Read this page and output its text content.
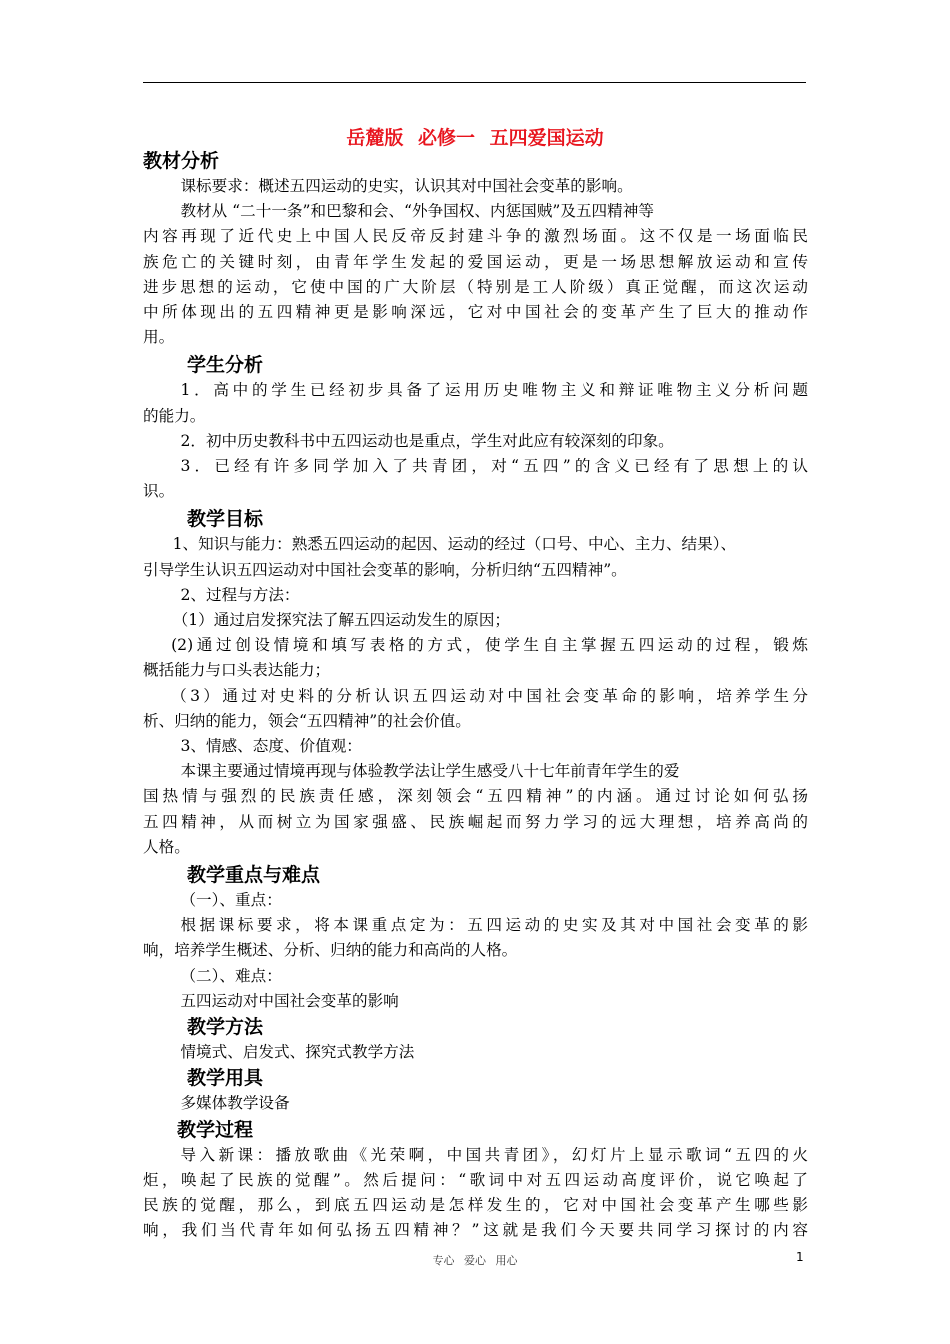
岳麓版 必修一 五四爱国运动
教材分析

课标要求：概述五四运动的史实，认识其对中国社会变革的影响。

教材从 “二十一条”和巴黎和会、“外争国权、内惩国贼”及五四精神等
内容再现了近代史上中国人民反帝反封建斗争的激烈场面。这不仅是一场面临民
族危亡的关键时刻，由青年学生发起的爱国运动，更是一场思想解放运动和宣传
进步思想的运动，它使中国的广大阶层（特别是工人阶级）真正觉醒，而这次运动
中所体现出的五四精神更是影响深远，它对中国社会的变革产生了巨大的推动作
用。

学生分析

1．高中的学生已经初步具备了运用历史唯物主义和辩证唯物主义分析问题
的能力。

2．初中历史教科书中五四运动也是重点，学生对此应有较深刻的印象。

3．已经有许多同学加入了共青团，对“五四”的含义已经有了思想上的认
识。

教学目标

1、知识与能力：熟悉五四运动的起因、运动的经过（口号、中心、主力、结果）、
引导学生认识五四运动对中国社会变革的影响，分析归纳“五四精神”。

2、过程与方法：

（1）通过启发探究法了解五四运动发生的原因；

(2)通过创设情境和填写表格的方式，使学生自主掌握五四运动的过程，锻炼
概括能力与口头表达能力；

（3）通过对史料的分析认识五四运动对中国社会变革命的影响，培养学生分
析、归纳的能力，领会“五四精神”的社会价值。

3、情感、态度、价值观：

本课主要通过情境再现与体验教学法让学生感受八十七年前青年学生的爱
国热情与强烈的民族责任感，深刻领会“五四精神”的内涵。通过讨论如何弘扬
五四精神，从而树立为国家强盛、民族崛起而努力学习的远大理想，培养高尚的
人格。

教学重点与难点

（一）、重点：

根据课标要求，将本课重点定为：五四运动的史实及其对中国社会变革的影
响，培养学生概述、分析、归纳的能力和高尚的人格。

（二）、难点：

五四运动对中国社会变革的影响

教学方法

情境式、启发式、探究式教学方法

教学用具

多媒体教学设备

教学过程

导入新课：播放歌曲《光荣啊，中国共青团》，幻灯片上显示歌词“五四的火
炬，唤起了民族的觉醒”。然后提问：“歌词中对五四运动高度评价，说它唤起了
民族的觉醒，那么，到底五四运动是怎样发生的，它对中国社会变革产生哪些影
响，我们当代青年如何弘扬五四精神？”这就是我们今天要共同学习探讨的内容

专心 爱心 用心	1
